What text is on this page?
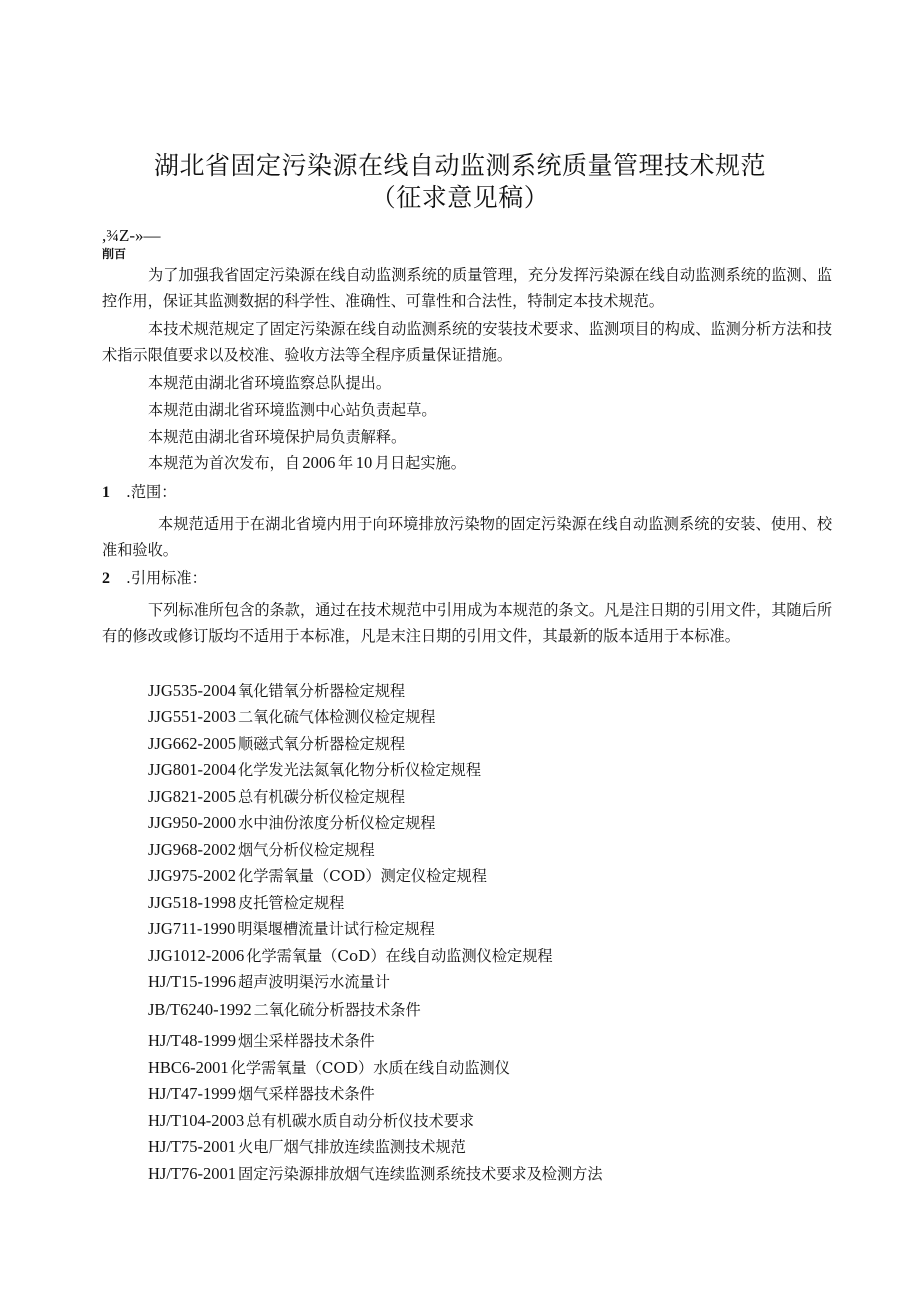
湖北省固定污染源在线自动监测系统质量管理技术规范
（征求意见稿）
,¾Z-»—
削百
为了加强我省固定污染源在线自动监测系统的质量管理，充分发挥污染源在线自动监测系统的监测、监控作用，保证其监测数据的科学性、准确性、可靠性和合法性，特制定本技术规范。
本技术规范规定了固定污染源在线自动监测系统的安装技术要求、监测项目的构成、监测分析方法和技术指示限值要求以及校准、验收方法等全程序质量保证措施。
本规范由湖北省环境监察总队提出。
本规范由湖北省环境监测中心站负责起草。
本规范由湖北省环境保护局负责解释。
本规范为首次发布，自  2006  年  10  月日起实施。
1 .范围：
本规范适用于在湖北省境内用于向环境排放污染物的固定污染源在线自动监测系统的安装、使用、校准和验收。
2 .引用标准：
下列标准所包含的条款，通过在技术规范中引用成为本规范的条文。凡是注日期的引用文件，其随后所有的修改或修订版均不适用于本标准，凡是末注日期的引用文件，其最新的版本适用于本标准。
JJG535-2004 氧化错氧分析器检定规程
JJG551-2003 二氧化硫气体检测仪检定规程
JJG662-2005 顺磁式氧分析器检定规程
JJG801-2004 化学发光法氮氧化物分析仪检定规程
JJG821-2005 总有机碳分析仪检定规程
JJG950-2000 水中油份浓度分析仪检定规程
JJG968-2002 烟气分析仪检定规程
JJG975-2002 化学需氧量（COD）测定仪检定规程
JJG518-1998 皮托管检定规程
JJG711-1990 明渠堰槽流量计试行检定规程
JJG1012-2006 化学需氧量（CoD）在线自动监测仪检定规程
HJ/T15-1996 超声波明渠污水流量计
JB/T6240-1992 二氧化硫分析器技术条件
HJ/T48-1999 烟尘采样器技术条件
HBC6-2001 化学需氧量（COD）水质在线自动监测仪
HJ/T47-1999 烟气采样器技术条件
HJ/T104-2003 总有机碳水质自动分析仪技术要求
HJ/T75-2001 火电厂烟气排放连续监测技术规范
HJ/T76-2001 固定污染源排放烟气连续监测系统技术要求及检测方法
